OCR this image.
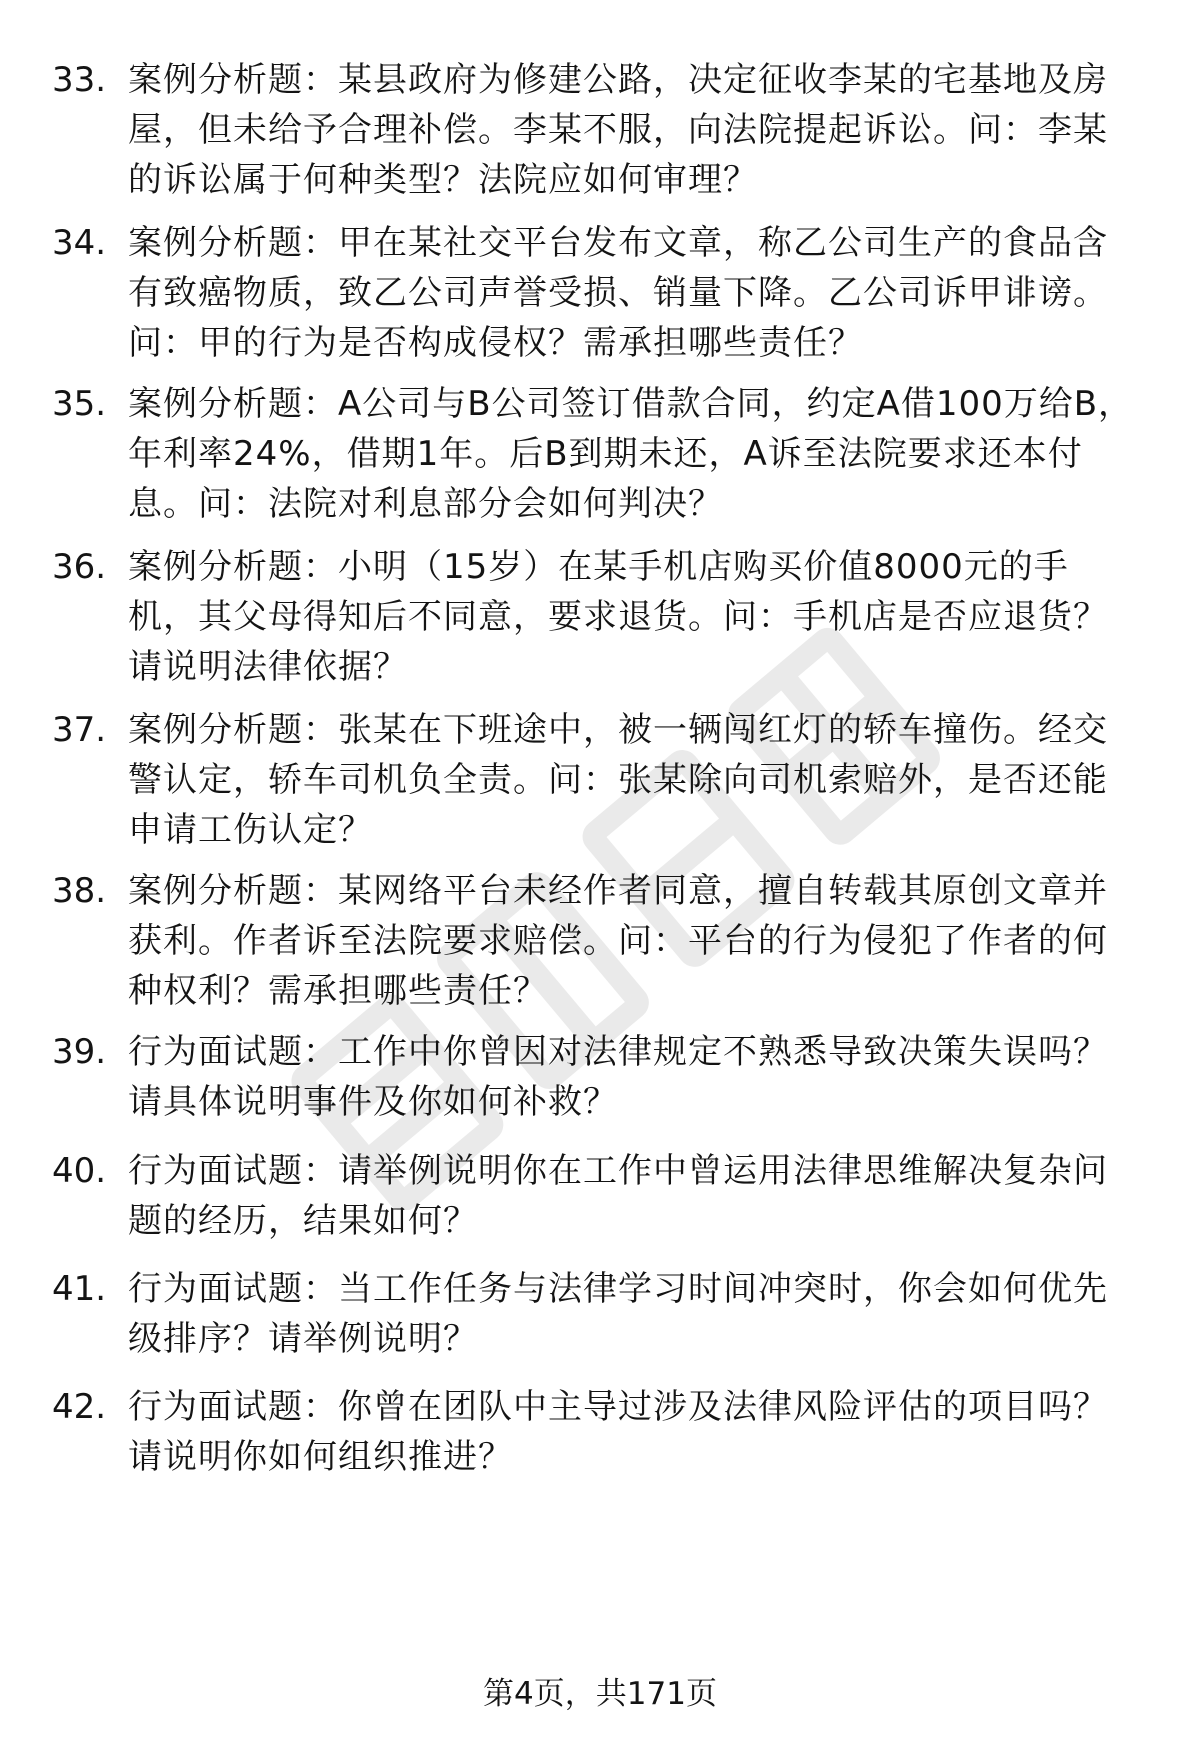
33. 案例分析题：某县政府为修建公路，决定征收李某的宅基地及房屋，但未给予合理补偿。李某不服，向法院提起诉讼。问：李某的诉讼属于何种类型？法院应如何审理？
34. 案例分析题：甲在某社交平台发布文章，称乙公司生产的食品含有致癌物质，致乙公司声誉受损、销量下降。乙公司诉甲诽谤。问：甲的行为是否构成侵权？需承担哪些责任？
35. 案例分析题：A公司与B公司签订借款合同，约定A借100万给B，年利率24%，借期1年。后B到期未还，A诉至法院要求还本付息。问：法院对利息部分会如何判决？
36. 案例分析题：小明（15岁）在某手机店购买价值8000元的手机，其父母得知后不同意，要求退货。问：手机店是否应退货？请说明法律依据？
37. 案例分析题：张某在下班途中，被一辆闯红灯的轿车撞伤。经交警认定，轿车司机负全责。问：张某除向司机索赔外，是否还能申请工伤认定？
38. 案例分析题：某网络平台未经作者同意，擅自转载其原创文章并获利。作者诉至法院要求赔偿。问：平台的行为侵犯了作者的何种权利？需承担哪些责任？
39. 行为面试题：工作中你曾因对法律规定不熟悉导致决策失误吗？请具体说明事件及你如何补救？
40. 行为面试题：请举例说明你在工作中曾运用法律思维解决复杂问题的经历，结果如何？
41. 行为面试题：当工作任务与法律学习时间冲突时，你会如何优先级排序？请举例说明？
42. 行为面试题：你曾在团队中主导过涉及法律风险评估的项目吗？请说明你如何组织推进？
第4页，共171页
